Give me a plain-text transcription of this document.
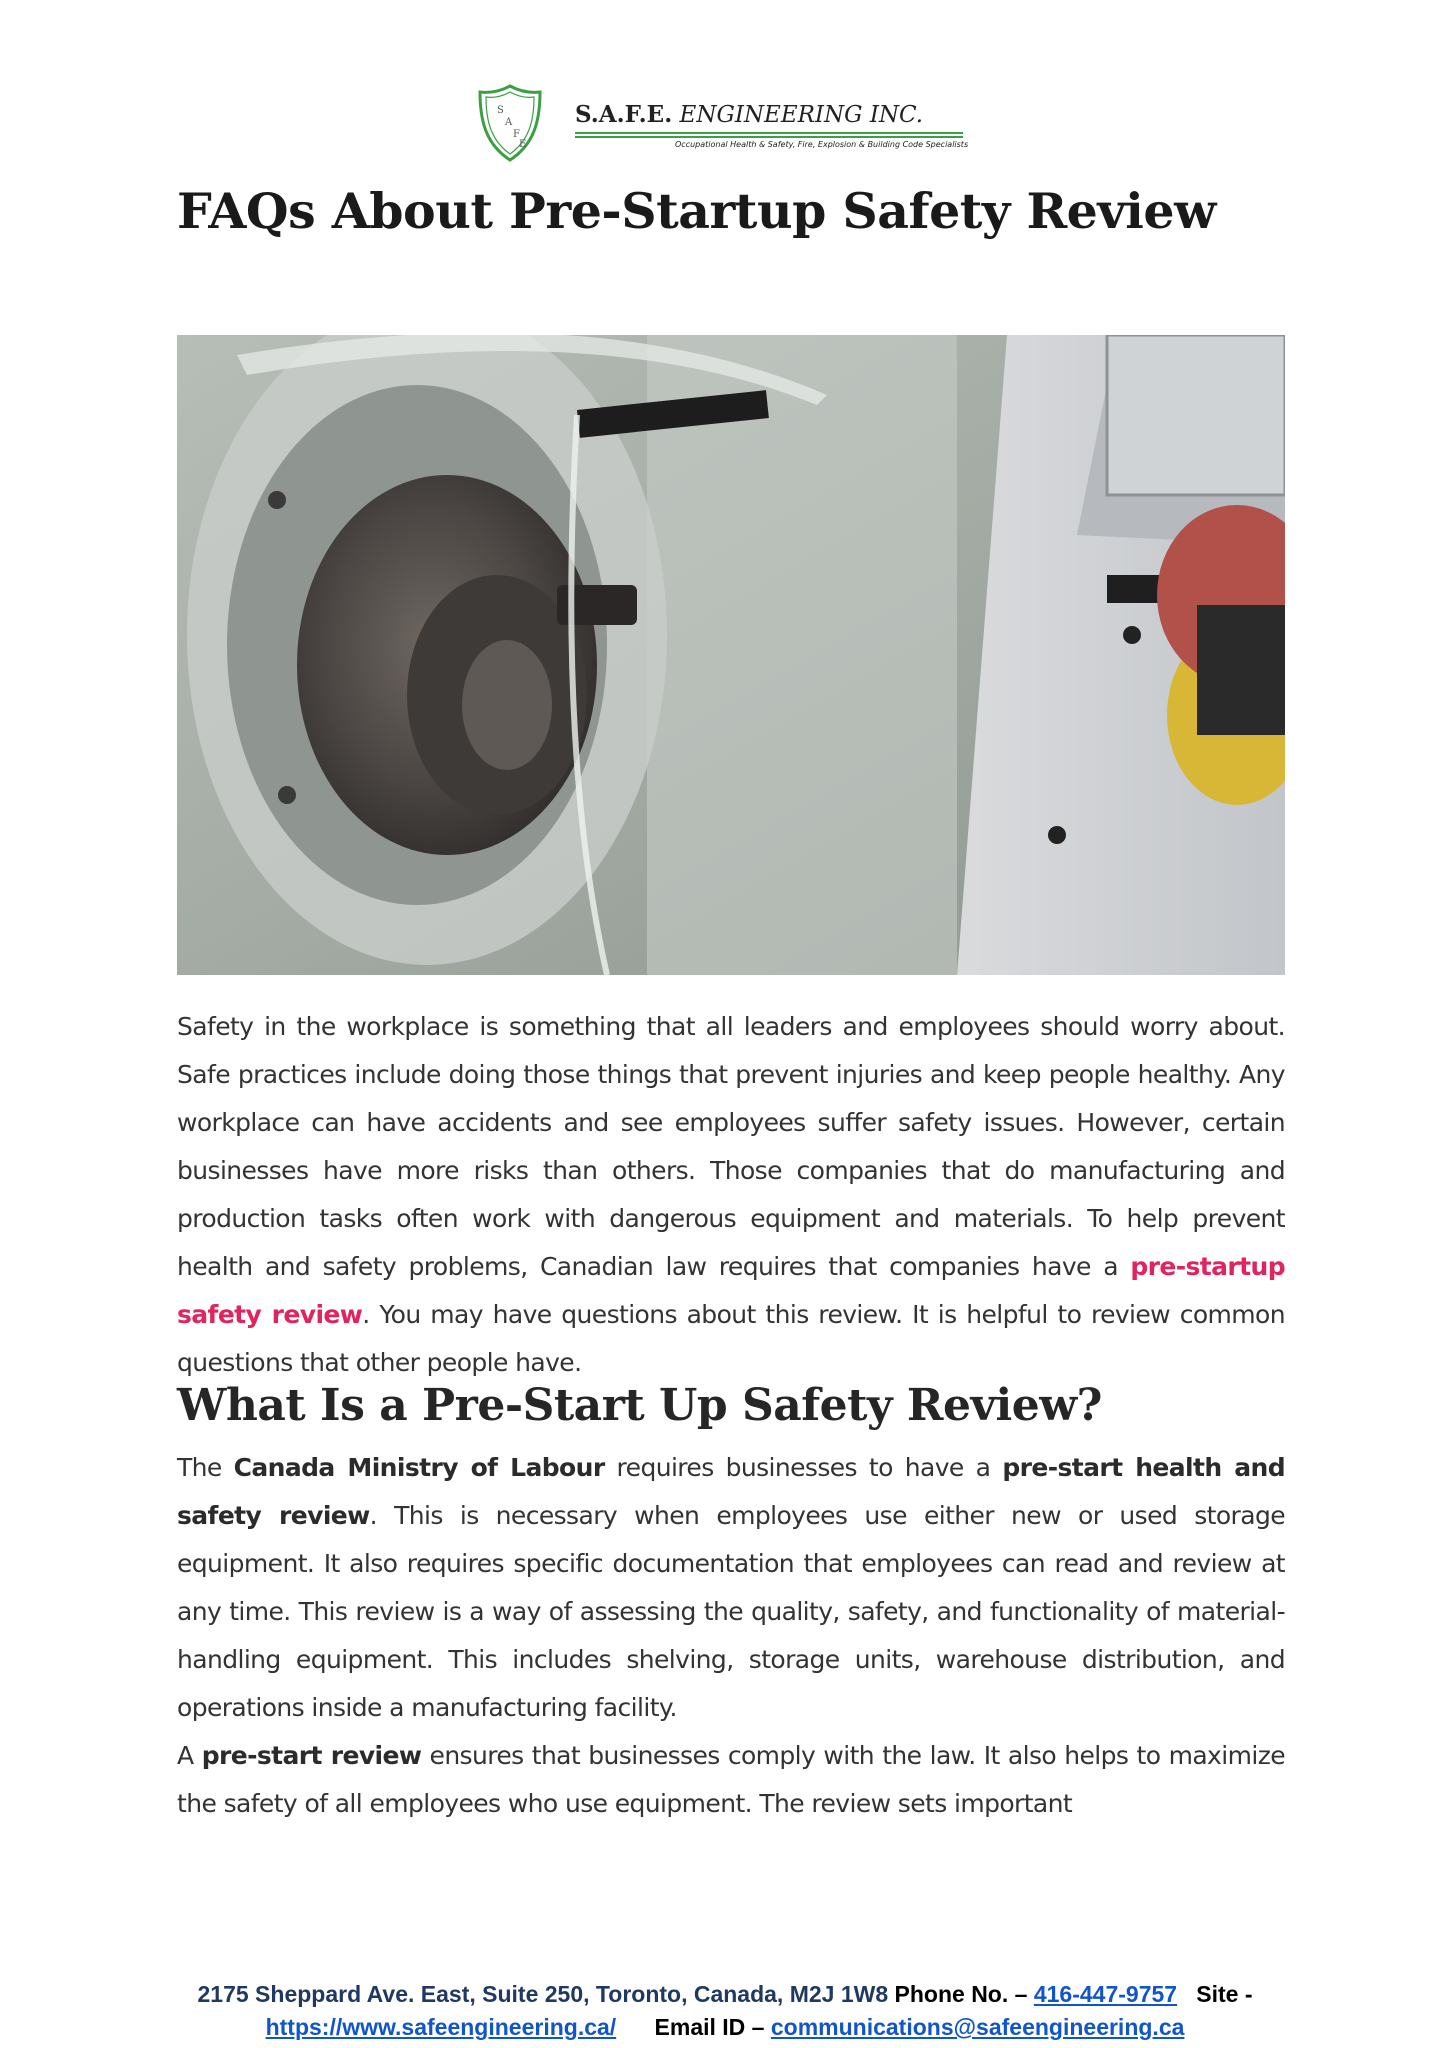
S
A
F
E
S.A.F.E. ENGINEERING INC.
Occupational Health & Safety, Fire, Explosion & Building Code Specialists
FAQs About Pre-Startup Safety Review

Safety in the workplace is something that all leaders and employees should worry about. Safe practices include doing those things that prevent injuries and keep people healthy. Any workplace can have accidents and see employees suffer safety issues. However, certain businesses have more risks than others. Those companies that do manufacturing and production tasks often work with dangerous equipment and materials. To help prevent health and safety problems, Canadian law requires that companies have a pre-startup safety review. You may have questions about this review. It is helpful to review common questions that other people have.

What Is a Pre-Start Up Safety Review?

The Canada Ministry of Labour requires businesses to have a pre-start health and safety review. This is necessary when employees use either new or used storage equipment. It also requires specific documentation that employees can read and review at any time. This review is a way of assessing the quality, safety, and functionality of material-handling equipment. This includes shelving, storage units, warehouse distribution, and operations inside a manufacturing facility.

A pre-start review ensures that businesses comply with the law. It also helps to maximize the safety of all employees who use equipment. The review sets important

2175 Sheppard Ave. East, Suite 250, Toronto, Canada, M2J 1W8 Phone No. – 416-447-9757 Site -
https://www.safeengineering.ca/ Email ID – communications@safeengineering.ca
